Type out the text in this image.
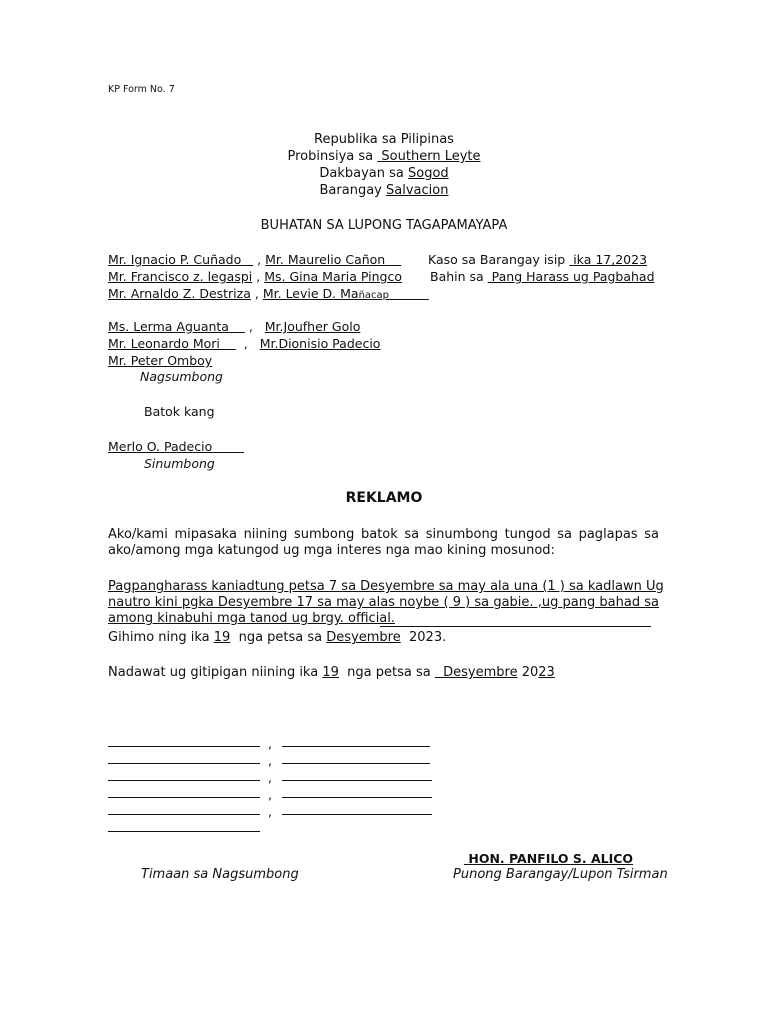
KP Form No. 7
Republika sa Pilipinas
Probinsiya sa Southern Leyte
Dakbayan sa Sogod
Barangay Salvacion
BUHATAN SA LUPONG TAGAPAMAYAPA
Mr. Ignacio P. Cuñado , Mr. Maurelio Cañon
Mr. Francisco z. legaspi , Ms. Gina Maria Pingco
Mr. Arnaldo Z. Destriza , Mr. Levie D. Mañacap
Kaso sa Barangay isip ika 17,2023
Bahin sa Pang Harass ug Pagbahad
Ms. Lerma Aguanta , Mr.Joufher Golo
Mr. Leonardo Mori , Mr.Dionisio Padecio
Mr. Peter Omboy
Nagsumbong
Batok kang
Merlo O. Padecio
Sinumbong
REKLAMO
Ako/kami mipasaka niining sumbong batok sa sinumbong tungod sa paglapas sa
ako/among mga katungod ug mga interes nga mao kining mosunod:
Pagpangharass kaniadtung petsa 7 sa Desyembre sa may ala una (1 ) sa kadlawn Ug
nautro kini pgka Desyembre 17 sa may alas noybe ( 9 ) sa gabie. ,ug pang bahad sa
among kinabuhi mga tanod ug brgy. official.
Gihimo ning ika 19 nga petsa sa Desyembre 2023.
Nadawat ug gitipigan niining ika 19 nga petsa sa Desyembre 2023
,
,
,
,
,
HON. PANFILO S. ALICO
Timaan sa Nagsumbong	Punong Barangay/Lupon Tsirman
